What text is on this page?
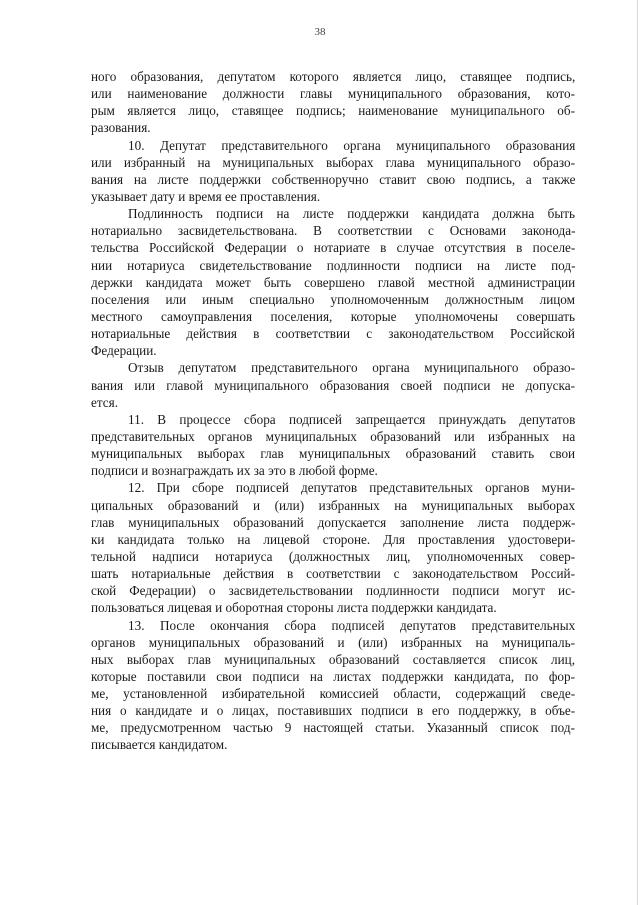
38
ного образования, депутатом которого является лицо, ставящее подпись,
или наименование должности главы муниципального образования, кото-
рым является лицо, ставящее подпись; наименование муниципального об-
разования.
10. Депутат представительного органа муниципального образования
или избранный на муниципальных выборах глава муниципального образо-
вания на листе поддержки собственноручно ставит свою подпись, а также
указывает дату и время ее проставления.
Подлинность подписи на листе поддержки кандидата должна быть
нотариально засвидетельствована. В соответствии с Основами законода-
тельства Российской Федерации о нотариате в случае отсутствия в поселе-
нии нотариуса свидетельствование подлинности подписи на листе под-
держки кандидата может быть совершено главой местной администрации
поселения или иным специально уполномоченным должностным лицом
местного самоуправления поселения, которые уполномочены совершать
нотариальные действия в соответствии с законодательством Российской
Федерации.
Отзыв депутатом представительного органа муниципального образо-
вания или главой муниципального образования своей подписи не допуска-
ется.
11. В процессе сбора подписей запрещается принуждать депутатов
представительных органов муниципальных образований или избранных на
муниципальных выборах глав муниципальных образований ставить свои
подписи и вознаграждать их за это в любой форме.
12. При сборе подписей депутатов представительных органов муни-
ципальных образований и (или) избранных на муниципальных выборах
глав муниципальных образований допускается заполнение листа поддерж-
ки кандидата только на лицевой стороне. Для проставления удостовери-
тельной надписи нотариуса (должностных лиц, уполномоченных совер-
шать нотариальные действия в соответствии с законодательством Россий-
ской Федерации) о засвидетельствовании подлинности подписи могут ис-
пользоваться лицевая и оборотная стороны листа поддержки кандидата.
13. После окончания сбора подписей депутатов представительных
органов муниципальных образований и (или) избранных на муниципаль-
ных выборах глав муниципальных образований составляется список лиц,
которые поставили свои подписи на листах поддержки кандидата, по фор-
ме, установленной избирательной комиссией области, содержащий сведе-
ния о кандидате и о лицах, поставивших подписи в его поддержку, в объе-
ме, предусмотренном частью 9 настоящей статьи. Указанный список под-
писывается кандидатом.
